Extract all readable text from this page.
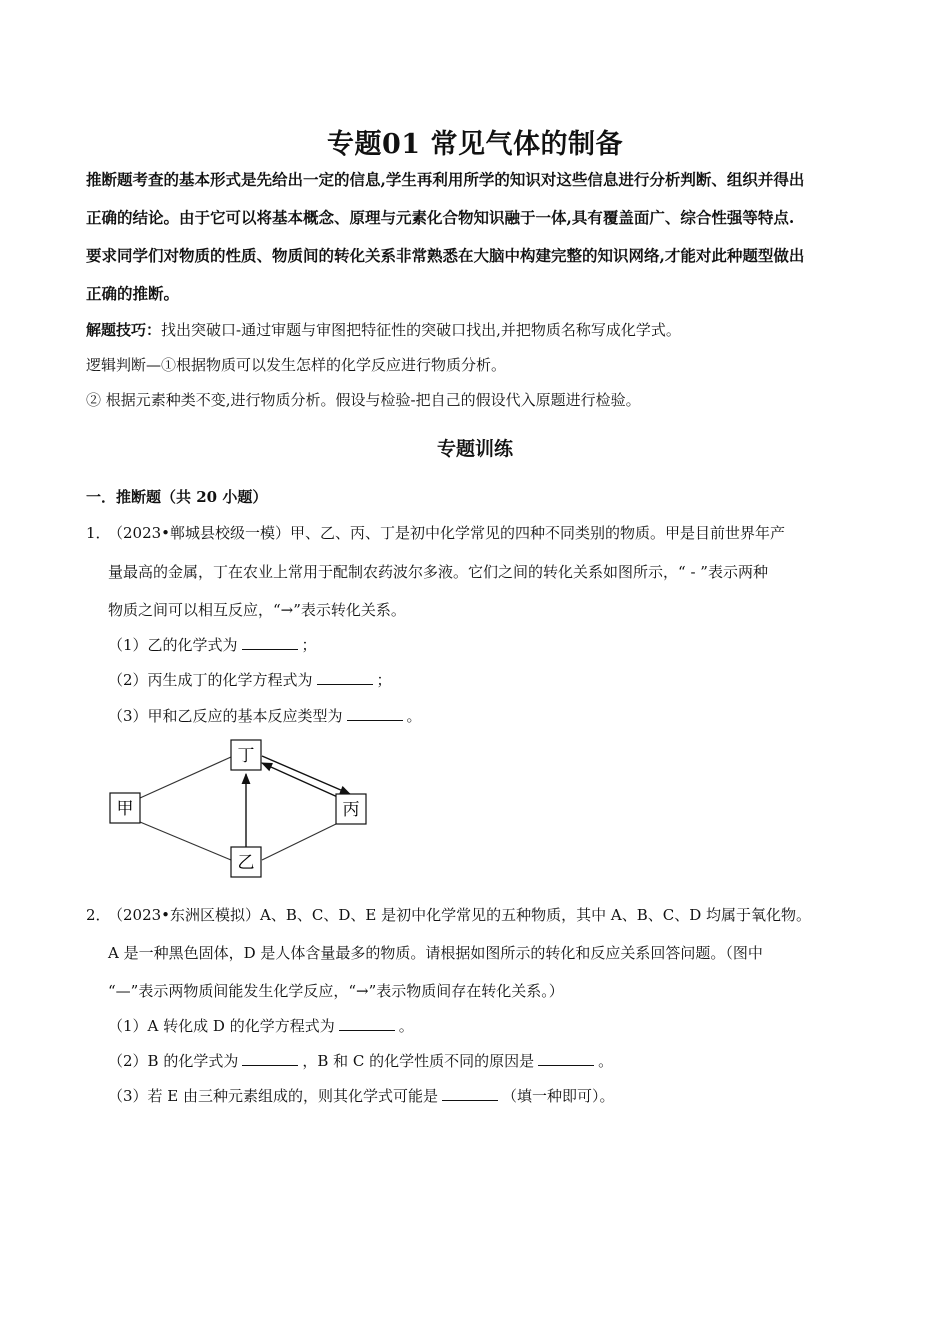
专题01 常见气体的制备
推断题考查的基本形式是先给出一定的信息,学生再利用所学的知识对这些信息进行分析判断、组织并得出
正确的结论。由于它可以将基本概念、原理与元素化合物知识融于一体,具有覆盖面广、综合性强等特点.
要求同学们对物质的性质、物质间的转化关系非常熟悉在大脑中构建完整的知识网络,才能对此种题型做出
正确的推断。
解题技巧：找出突破口-通过审题与审图把特征性的突破口找出,并把物质名称写成化学式。
逻辑判断—①根据物质可以发生怎样的化学反应进行物质分析。
② 根据元素种类不变,进行物质分析。假设与检验-把自己的假设代入原题进行检验。
专题训练
一．推断题（共 20 小题）
1．
（2023•郸城县校级一模）甲、乙、丙、丁是初中化学常见的四种不同类别的物质。甲是目前世界年产
量最高的金属，丁在农业上常用于配制农药波尔多液。它们之间的转化关系如图所示，“ - ”表示两种
物质之间可以相互反应，“→”表示转化关系。
（1）乙的化学式为	；
（2）丙生成丁的化学方程式为	；
（3）甲和乙反应的基本反应类型为	。
丁
甲	丙
乙
2．
（2023•东洲区模拟）A、B、C、D、E 是初中化学常见的五种物质，其中 A、B、C、D 均属于氧化物。
A 是一种黑色固体，D 是人体含量最多的物质。请根据如图所示的转化和反应关系回答问题。（图中
“—”表示两物质间能发生化学反应，“→”表示物质间存在转化关系。）
（1）A 转化成 D 的化学方程式为	。
（2）B 的化学式为	，B 和 C 的化学性质不同的原因是	。
（3）若 E 由三种元素组成的，则其化学式可能是	（填一种即可）。
